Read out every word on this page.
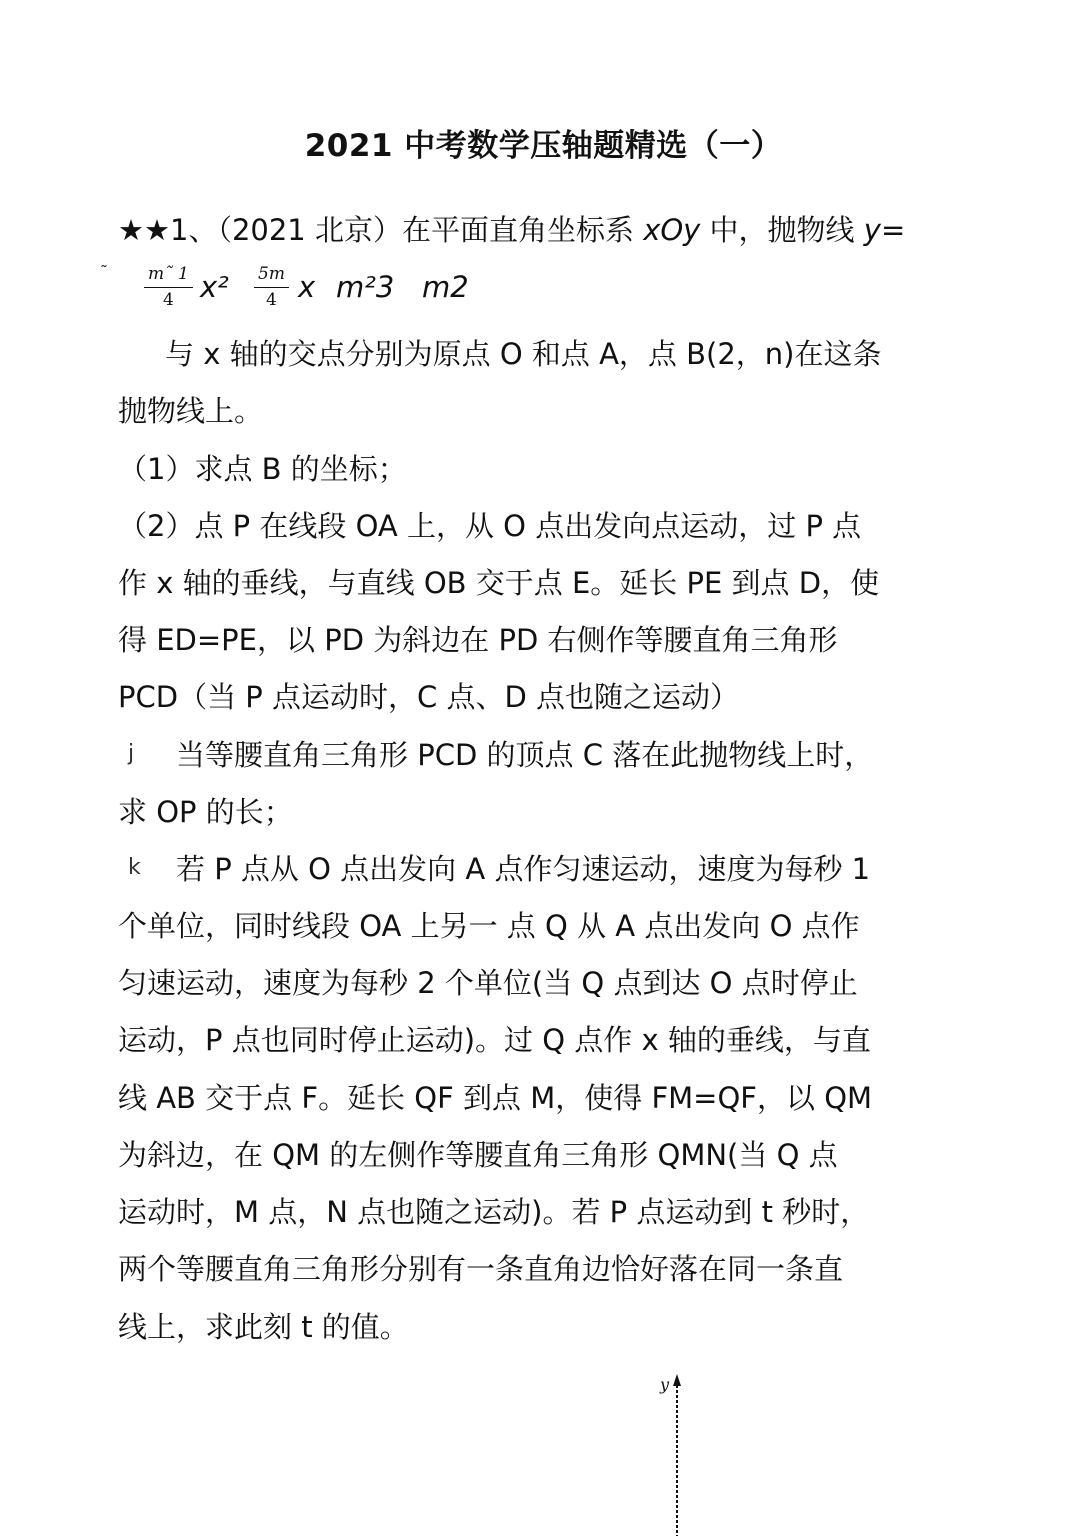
2021 中考数学压轴题精选（一）
★★1、（2021 北京）在平面直角坐标系 xOy 中，抛物线 y=
˜ $\frac{m˜ 1}{4} x^2 \frac{5m}{4}$ x m²3 m2
与 x 轴的交点分别为原点 O 和点 A，点 B(2，n)在这条
抛物线上。
（1）求点 B 的坐标；
（2）点 P 在线段 OA 上，从 O 点出发向点运动，过 P 点
作 x 轴的垂线，与直线 OB 交于点 E。延长 PE 到点 D，使
得 ED=PE，以 PD 为斜边在 PD 右侧作等腰直角三角形
PCD（当 P 点运动时，C 点、D 点也随之运动）
j 当等腰直角三角形 PCD 的顶点 C 落在此抛物线上时，
求 OP 的长；
k 若 P 点从 O 点出发向 A 点作匀速运动，速度为每秒 1
个单位，同时线段 OA 上另一 点 Q 从 A 点出发向 O 点作
匀速运动，速度为每秒 2 个单位(当 Q 点到达 O 点时停止
运动，P 点也同时停止运动)。过 Q 点作 x 轴的垂线，与直
线 AB 交于点 F。延长 QF 到点 M，使得 FM=QF，以 QM
为斜边，在 QM 的左侧作等腰直角三角形 QMN(当 Q 点
运动时，M 点，N 点也随之运动)。若 P 点运动到 t 秒时，
两个等腰直角三角形分别有一条直角边恰好落在同一条直
线上，求此刻 t 的值。
y
